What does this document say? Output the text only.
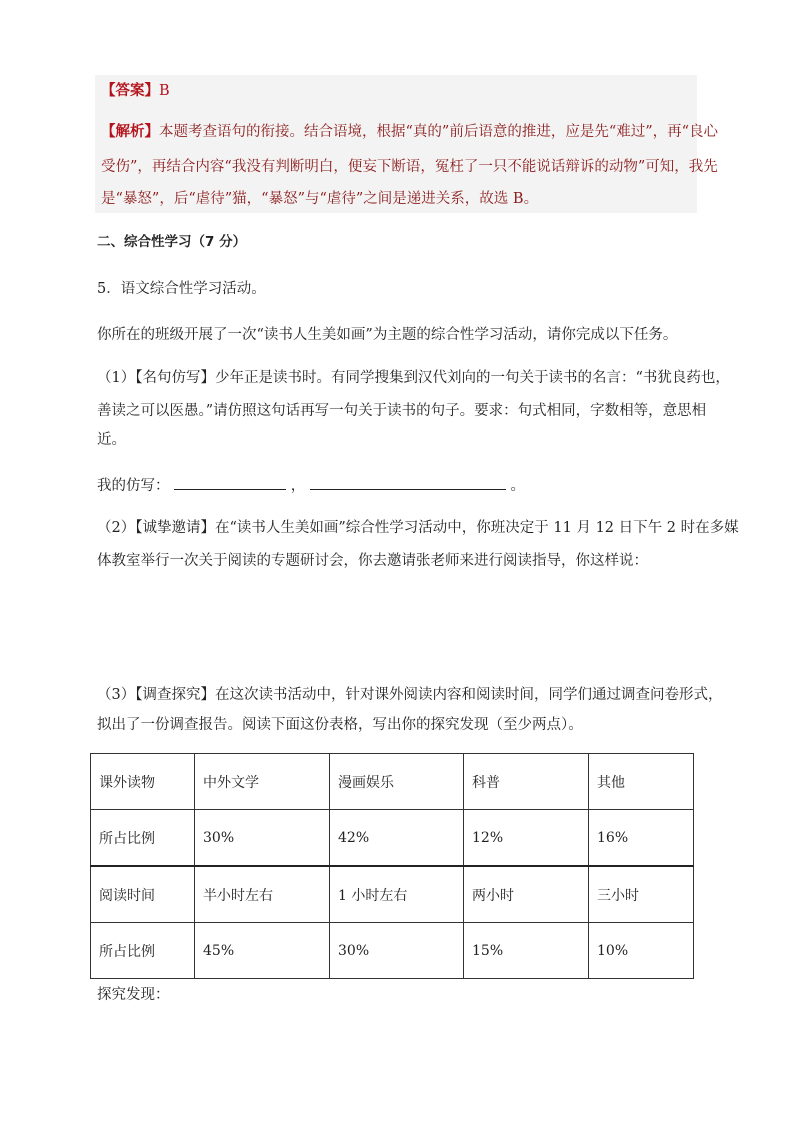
【答案】B
【解析】本题考查语句的衔接。结合语境，根据“真的”前后语意的推进，应是先“难过”，再“良心
受伤”，再结合内容“我没有判断明白，便妄下断语，冤枉了一只不能说话辩诉的动物”可知，我先
是“暴怒”，后“虐待”猫，“暴怒”与“虐待”之间是递进关系，故选 B。
二、综合性学习（7 分）
5．语文综合性学习活动。
你所在的班级开展了一次“读书人生美如画”为主题的综合性学习活动，请你完成以下任务。
（1）【名句仿写】少年正是读书时。有同学搜集到汉代刘向的一句关于读书的名言：“书犹良药也，
善读之可以医愚。”请仿照这句话再写一句关于读书的句子。要求：句式相同，字数相等，意思相
近。
我的仿写：	，	。
（2）【诚挚邀请】在“读书人生美如画”综合性学习活动中，你班决定于 11 月 12 日下午 2 时在多媒
体教室举行一次关于阅读的专题研讨会，你去邀请张老师来进行阅读指导，你这样说：
（3）【调查探究】在这次读书活动中，针对课外阅读内容和阅读时间，同学们通过调查问卷形式，
拟出了一份调查报告。阅读下面这份表格，写出你的探究发现（至少两点）。
课外读物	中外文学	漫画娱乐	科普	其他
所占比例	30%	42%	12%	16%
阅读时间	半小时左右	1 小时左右	两小时	三小时
所占比例	45%	30%	15%	10%
探究发现：
